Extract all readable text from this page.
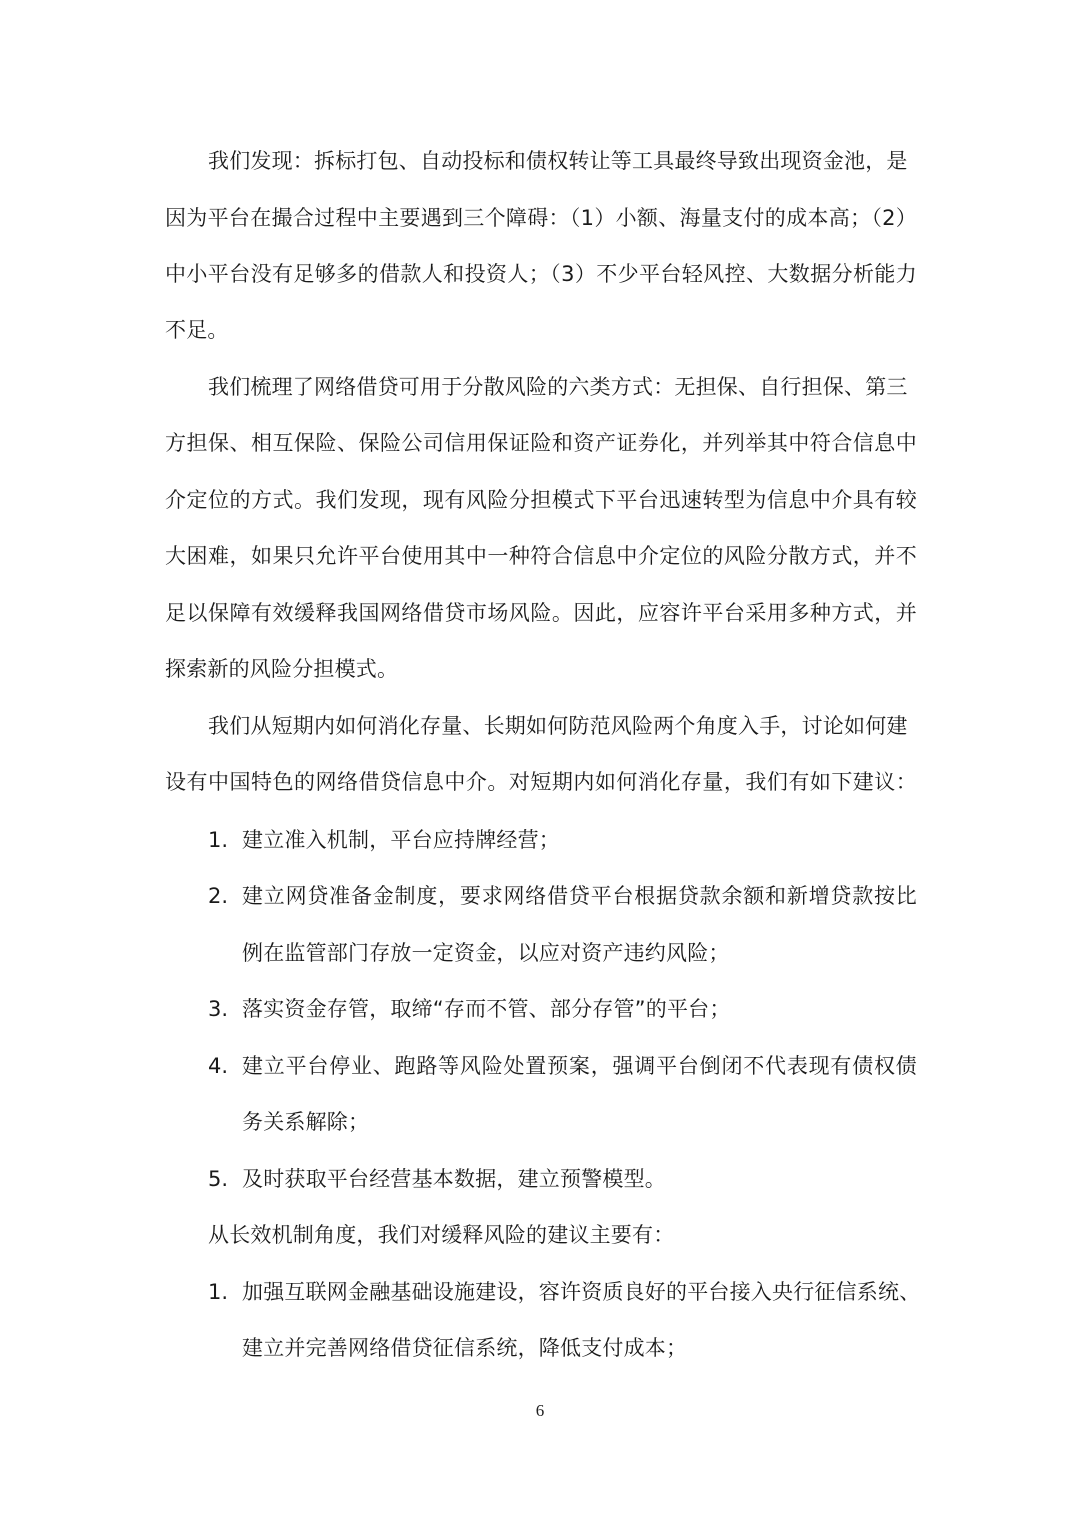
我们发现：拆标打包、自动投标和债权转让等工具最终导致出现资金池，是
因为平台在撮合过程中主要遇到三个障碍：（1）小额、海量支付的成本高；（2）
中小平台没有足够多的借款人和投资人；（3）不少平台轻风控、大数据分析能力
不足。
我们梳理了网络借贷可用于分散风险的六类方式：无担保、自行担保、第三
方担保、相互保险、保险公司信用保证险和资产证券化，并列举其中符合信息中
介定位的方式。我们发现，现有风险分担模式下平台迅速转型为信息中介具有较
大困难，如果只允许平台使用其中一种符合信息中介定位的风险分散方式，并不
足以保障有效缓释我国网络借贷市场风险。因此，应容许平台采用多种方式，并
探索新的风险分担模式。
我们从短期内如何消化存量、长期如何防范风险两个角度入手，讨论如何建
设有中国特色的网络借贷信息中介。对短期内如何消化存量，我们有如下建议：
1. 建立准入机制，平台应持牌经营；
2. 建立网贷准备金制度，要求网络借贷平台根据贷款余额和新增贷款按比
例在监管部门存放一定资金，以应对资产违约风险；
3. 落实资金存管，取缔“存而不管、部分存管”的平台；
4. 建立平台停业、跑路等风险处置预案，强调平台倒闭不代表现有债权债
务关系解除；
5. 及时获取平台经营基本数据，建立预警模型。
从长效机制角度，我们对缓释风险的建议主要有：
1. 加强互联网金融基础设施建设，容许资质良好的平台接入央行征信系统、
建立并完善网络借贷征信系统，降低支付成本；
6
